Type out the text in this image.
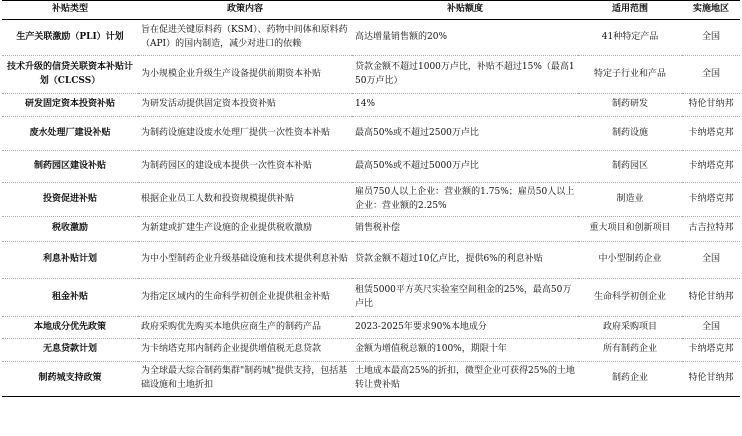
补贴类型	政策内容	补贴额度	适用范围	实施地区
生产关联激励（PLI）计划	旨在促进关键原料药（KSM）、药物中间体和原料药（API）的国内制造，减少对进口的依赖	高达增量销售额的20%	41种特定产品	全国
技术升级的信贷关联资本补贴计划（CLCSS）	为小规模企业升级生产设备提供前期资本补贴	贷款金额不超过1000万卢比，补贴不超过15%（最高150万卢比）	特定子行业和产品	全国
研发固定资本投资补贴	为研发活动提供固定资本投资补贴	14%	制药研发	特伦甘纳邦
废水处理厂建设补贴	为制药设施建设废水处理厂提供一次性资本补贴	最高50%或不超过2500万卢比	制药设施	卡纳塔克邦
制药园区建设补贴	为制药园区的建设成本提供一次性资本补贴	最高50%或不超过5000万卢比	制药园区	卡纳塔克邦
投资促进补贴	根据企业员工人数和投资规模提供补贴	雇员750人以上企业：营业额的1.75%；雇员50人以上企业：营业额的2.25%	制造业	卡纳塔克邦
税收激励	为新建或扩建生产设施的企业提供税收激励	销售税补偿	重大项目和创新项目	古吉拉特邦
利息补贴计划	为中小型制药企业升级基础设施和技术提供利息补贴	贷款金额不超过10亿卢比，提供6%的利息补贴	中小型制药企业	全国
租金补贴	为指定区域内的生命科学初创企业提供租金补贴	租赁5000平方英尺实验室空间租金的25%，最高50万卢比	生命科学初创企业	特伦甘纳邦
本地成分优先政策	政府采购优先购买本地供应商生产的制药产品	2023-2025年要求90%本地成分	政府采购项目	全国
无息贷款计划	为卡纳塔克邦内制药企业提供增值税无息贷款	金额为增值税总额的100%，期限十年	所有制药企业	卡纳塔克邦
制药城支持政策	为全球最大综合制药集群"制药城"提供支持，包括基础设施和土地折扣	土地成本最高25%的折扣，微型企业可获得25%的土地转让费补贴	制药企业	特伦甘纳邦
